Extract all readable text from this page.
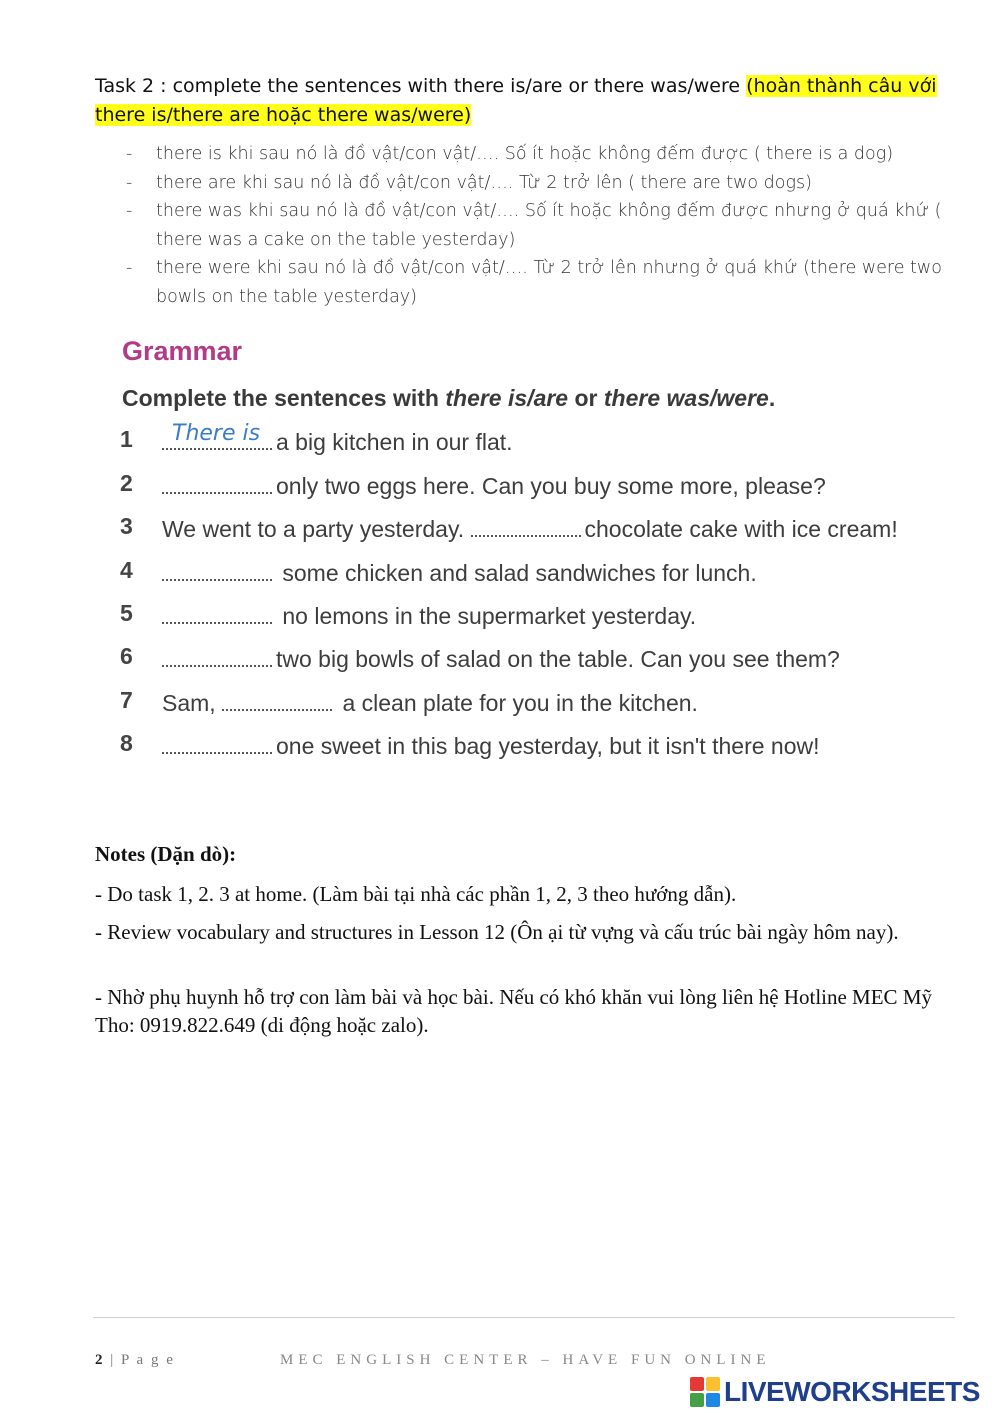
Task 2 : complete the sentences with there is/are or there was/were (hoàn thành câu với there is/there are hoặc there was/were)
- there is khi sau nó là đồ vật/con vật/…. Số ít hoặc không đếm được ( there is a dog)
- there are khi sau nó là đồ vật/con vật/…. Từ 2 trở lên ( there are two dogs)
- there was khi sau nó là đồ vật/con vật/…. Số ít hoặc không đếm được nhưng ở quá khứ ( there was a cake on the table yesterday)
- there were khi sau nó là đồ vật/con vật/…. Từ 2 trở lên nhưng ở quá khứ (there were two bowls on the table yesterday)
Grammar
Complete the sentences with there is/are or there was/were.
1 There is a big kitchen in our flat.
2	only two eggs here. Can you buy some more, please?
3 We went to a party yesterday.	chocolate cake with ice cream!
4	some chicken and salad sandwiches for lunch.
5	no lemons in the supermarket yesterday.
6	two big bowls of salad on the table. Can you see them?
7 Sam,	a clean plate for you in the kitchen.
8	one sweet in this bag yesterday, but it isn't there now!
Notes (Dặn dò):
- Do task 1, 2. 3 at home. (Làm bài tại nhà các phần 1, 2, 3 theo hướng dẫn).
- Review vocabulary and structures in Lesson 12 (Ôn ại từ vựng và cấu trúc bài ngày hôm nay).
- Nhờ phụ huynh hỗ trợ con làm bài và học bài. Nếu có khó khăn vui lòng liên hệ Hotline MEC Mỹ Tho: 0919.822.649 (di động hoặc zalo).
2 | P a g e	MEC ENGLISH CENTER – HAVE FUN ONLINE
LIVEWORKSHEETS
